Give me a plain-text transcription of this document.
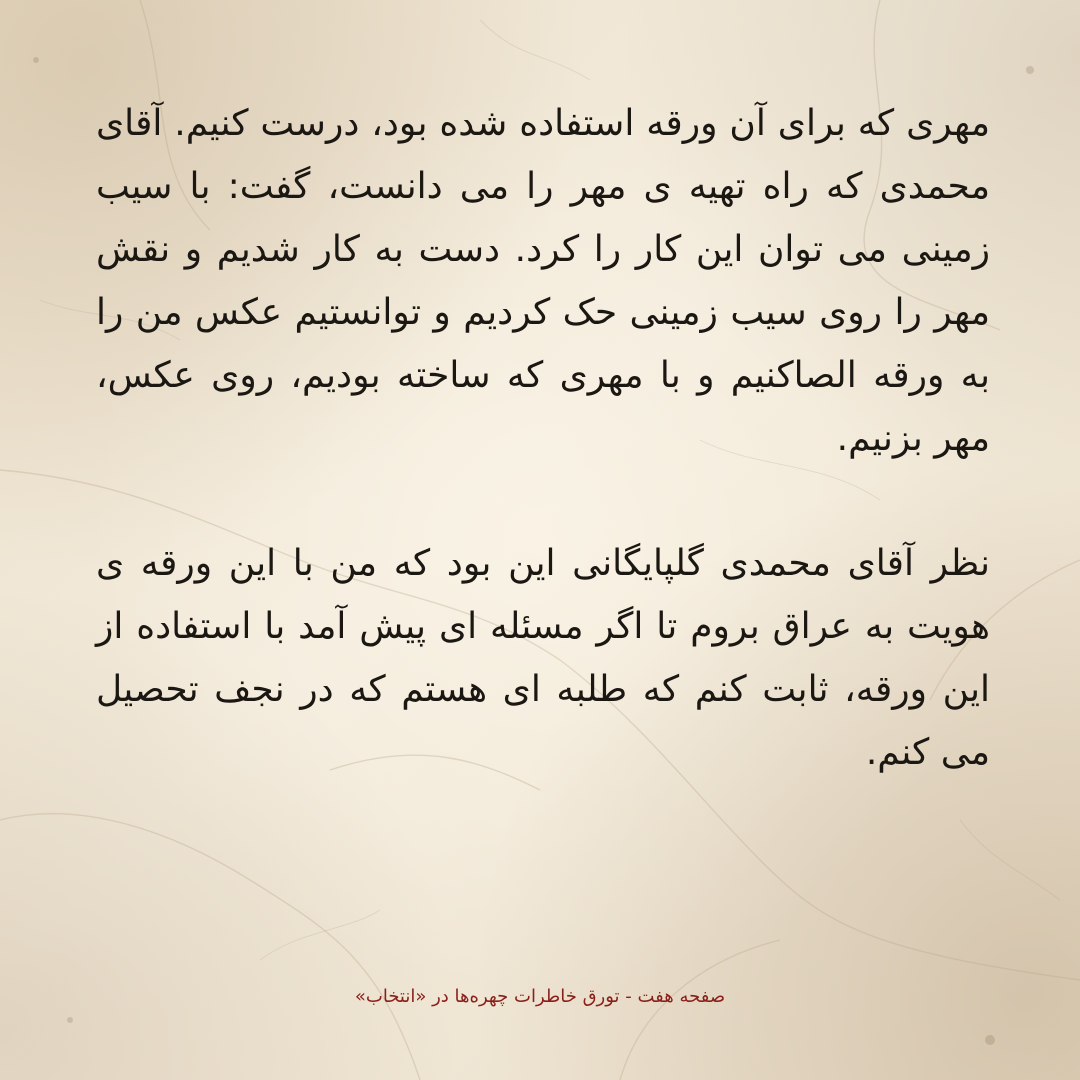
مهری که برای آن ورقه استفاده شده بود، درست کنیم. آقای محمدی که راه تهیه ی مهر را می دانست، گفت: با سیب زمینی می توان این کار را کرد. دست به کار شدیم و نقش مهر را روی سیب زمینی حک کردیم و توانستیم عکس من را به ورقه الصاکنیم و با مهری که ساخته بودیم، روی عکس، مهر بزنیم.

نظر آقای محمدی گلپایگانی این بود که من با این ورقه ی هویت به عراق بروم تا اگر مسئله ای پیش آمد با استفاده از این ورقه، ثابت کنم که طلبه ای هستم که در نجف تحصیل می کنم.

صفحه هفت - تورق خاطرات چهره‌ها در «انتخاب»
